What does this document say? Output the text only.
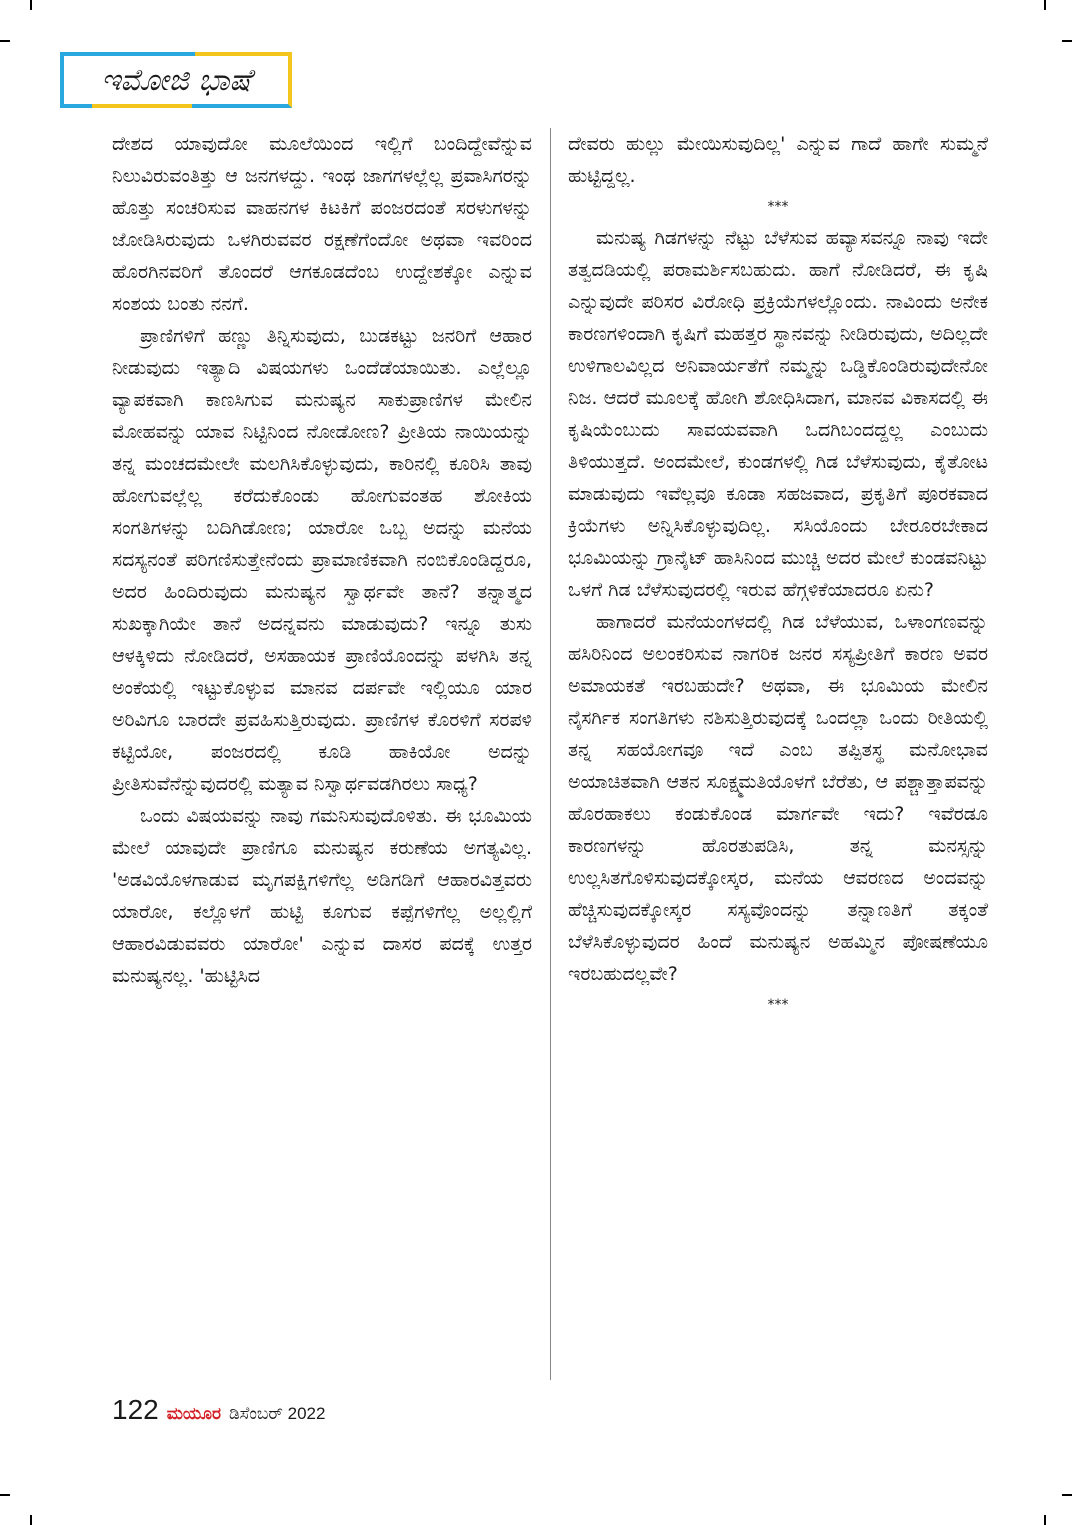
ಇಮೋಜಿ ಭಾಷೆ

ದೇಶದ ಯಾವುದೋ ಮೂಲೆಯಿಂದ ಇಲ್ಲಿಗೆ ಬಂದಿದ್ದೇವೆನ್ನುವ ನಿಲುವಿರುವಂತಿತ್ತು ಆ ಜನಗಳದ್ದು. ಇಂಥ ಜಾಗಗಳಲ್ಲೆಲ್ಲ ಪ್ರವಾಸಿಗರನ್ನು ಹೊತ್ತು ಸಂಚರಿಸುವ ವಾಹನಗಳ ಕಿಟಕಿಗೆ ಪಂಜರದಂತೆ ಸರಳುಗಳನ್ನು ಜೋಡಿಸಿರುವುದು ಒಳಗಿರುವವರ ರಕ್ಷಣೆಗೆಂದೋ ಅಥವಾ ಇವರಿಂದ ಹೊರಗಿನವರಿಗೆ ತೊಂದರೆ ಆಗಕೂಡದೆಂಬ ಉದ್ದೇಶಕ್ಕೋ ಎನ್ನುವ ಸಂಶಯ ಬಂತು ನನಗೆ.

ಪ್ರಾಣಿಗಳಿಗೆ ಹಣ್ಣು ತಿನ್ನಿಸುವುದು, ಬುಡಕಟ್ಟು ಜನರಿಗೆ ಆಹಾರ ನೀಡುವುದು ಇತ್ಯಾದಿ ವಿಷಯಗಳು ಒಂದೆಡೆಯಾಯಿತು. ಎಲ್ಲೆಲ್ಲೂ ವ್ಯಾಪಕವಾಗಿ ಕಾಣಸಿಗುವ ಮನುಷ್ಯನ ಸಾಕುಪ್ರಾಣಿಗಳ ಮೇಲಿನ ಮೋಹವನ್ನು ಯಾವ ನಿಟ್ಟಿನಿಂದ ನೋಡೋಣ? ಪ್ರೀತಿಯ ನಾಯಿಯನ್ನು ತನ್ನ ಮಂಚದಮೇಲೇ ಮಲಗಿಸಿಕೊಳ್ಳುವುದು, ಕಾರಿನಲ್ಲಿ ಕೂರಿಸಿ ತಾವು ಹೋಗುವಲ್ಲೆಲ್ಲ ಕರೆದುಕೊಂಡು ಹೋಗುವಂತಹ ಶೋಕಿಯ ಸಂಗತಿಗಳನ್ನು ಬದಿಗಿಡೋಣ; ಯಾರೋ ಒಬ್ಬ ಅದನ್ನು ಮನೆಯ ಸದಸ್ಯನಂತೆ ಪರಿಗಣಿಸುತ್ತೇನೆಂದು ಪ್ರಾಮಾಣಿಕವಾಗಿ ನಂಬಿಕೊಂಡಿದ್ದರೂ, ಅದರ ಹಿಂದಿರುವುದು ಮನುಷ್ಯನ ಸ್ವಾರ್ಥವೇ ತಾನೆ? ತನ್ನಾತ್ಮದ ಸುಖಕ್ಕಾಗಿಯೇ ತಾನೆ ಅದನ್ನವನು ಮಾಡುವುದು? ಇನ್ನೂ ತುಸು ಆಳಕ್ಕಿಳಿದು ನೋಡಿದರೆ, ಅಸಹಾಯಕ ಪ್ರಾಣಿಯೊಂದನ್ನು ಪಳಗಿಸಿ ತನ್ನ ಅಂಕೆಯಲ್ಲಿ ಇಟ್ಟುಕೊಳ್ಳುವ ಮಾನವ ದರ್ಪವೇ ಇಲ್ಲಿಯೂ ಯಾರ ಅರಿವಿಗೂ ಬಾರದೇ ಪ್ರವಹಿಸುತ್ತಿರುವುದು. ಪ್ರಾಣಿಗಳ ಕೊರಳಿಗೆ ಸರಪಳಿ ಕಟ್ಟಿಯೋ, ಪಂಜರದಲ್ಲಿ ಕೂಡಿ ಹಾಕಿಯೋ ಅದನ್ನು ಪ್ರೀತಿಸುವೆನೆನ್ನುವುದರಲ್ಲಿ ಮತ್ಯಾವ ನಿಸ್ವಾರ್ಥವಡಗಿರಲು ಸಾಧ್ಯ?

ಒಂದು ವಿಷಯವನ್ನು ನಾವು ಗಮನಿಸುವುದೊಳಿತು. ಈ ಭೂಮಿಯ ಮೇಲೆ ಯಾವುದೇ ಪ್ರಾಣಿಗೂ ಮನುಷ್ಯನ ಕರುಣೆಯ ಅಗತ್ಯವಿಲ್ಲ. 'ಅಡವಿಯೊಳಗಾಡುವ ಮೃಗಪಕ್ಷಿಗಳಿಗೆಲ್ಲ ಅಡಿಗಡಿಗೆ ಆಹಾರವಿತ್ತವರು ಯಾರೋ, ಕಲ್ಲೊಳಗೆ ಹುಟ್ಟಿ ಕೂಗುವ ಕಪ್ಪೆಗಳಿಗೆಲ್ಲ ಅಲ್ಲಲ್ಲಿಗೆ ಆಹಾರವಿಡುವವರು ಯಾರೋ' ಎನ್ನುವ ದಾಸರ ಪದಕ್ಕೆ ಉತ್ತರ ಮನುಷ್ಯನಲ್ಲ. 'ಹುಟ್ಟಿಸಿದ

ದೇವರು ಹುಲ್ಲು ಮೇಯಿಸುವುದಿಲ್ಲ' ಎನ್ನುವ ಗಾದೆ ಹಾಗೇ ಸುಮ್ಮನೆ ಹುಟ್ಟಿದ್ದಲ್ಲ.

***

ಮನುಷ್ಯ ಗಿಡಗಳನ್ನು ನೆಟ್ಟು ಬೆಳೆಸುವ ಹವ್ಯಾಸವನ್ನೂ ನಾವು ಇದೇ ತತ್ವದಡಿಯಲ್ಲಿ ಪರಾಮರ್ಶಿಸಬಹುದು. ಹಾಗೆ ನೋಡಿದರೆ, ಈ ಕೃಷಿ ಎನ್ನುವುದೇ ಪರಿಸರ ವಿರೋಧಿ ಪ್ರಕ್ರಿಯೆಗಳಲ್ಲೊಂದು. ನಾವಿಂದು ಅನೇಕ ಕಾರಣಗಳಿಂದಾಗಿ ಕೃಷಿಗೆ ಮಹತ್ತರ ಸ್ಥಾನವನ್ನು ನೀಡಿರುವುದು, ಅದಿಲ್ಲದೇ ಉಳಿಗಾಲವಿಲ್ಲದ ಅನಿವಾರ್ಯತೆಗೆ ನಮ್ಮನ್ನು ಒಡ್ಡಿಕೊಂಡಿರುವುದೇನೋ ನಿಜ. ಆದರೆ ಮೂಲಕ್ಕೆ ಹೋಗಿ ಶೋಧಿಸಿದಾಗ, ಮಾನವ ವಿಕಾಸದಲ್ಲಿ ಈ ಕೃಷಿಯೆಂಬುದು ಸಾವಯವವಾಗಿ ಒದಗಿಬಂದದ್ದಲ್ಲ ಎಂಬುದು ತಿಳಿಯುತ್ತದೆ. ಅಂದಮೇಲೆ, ಕುಂಡಗಳಲ್ಲಿ ಗಿಡ ಬೆಳೆಸುವುದು, ಕೈತೋಟ ಮಾಡುವುದು ಇವೆಲ್ಲವೂ ಕೂಡಾ ಸಹಜವಾದ, ಪ್ರಕೃತಿಗೆ ಪೂರಕವಾದ ಕ್ರಿಯೆಗಳು ಅನ್ನಿಸಿಕೊಳ್ಳುವುದಿಲ್ಲ. ಸಸಿಯೊಂದು ಬೇರೂರಬೇಕಾದ ಭೂಮಿಯನ್ನು ಗ್ರಾನೈಟ್ ಹಾಸಿನಿಂದ ಮುಚ್ಚಿ ಅದರ ಮೇಲೆ ಕುಂಡವನಿಟ್ಟು ಒಳಗೆ ಗಿಡ ಬೆಳೆಸುವುದರಲ್ಲಿ ಇರುವ ಹೆಗ್ಗಳಿಕೆಯಾದರೂ ಏನು?

ಹಾಗಾದರೆ ಮನೆಯಂಗಳದಲ್ಲಿ ಗಿಡ ಬೆಳೆಯುವ, ಒಳಾಂಗಣವನ್ನು ಹಸಿರಿನಿಂದ ಅಲಂಕರಿಸುವ ನಾಗರಿಕ ಜನರ ಸಸ್ಯಪ್ರೀತಿಗೆ ಕಾರಣ ಅವರ ಅಮಾಯಕತೆ ಇರಬಹುದೇ? ಅಥವಾ, ಈ ಭೂಮಿಯ ಮೇಲಿನ ನೈಸರ್ಗಿಕ ಸಂಗತಿಗಳು ನಶಿಸುತ್ತಿರುವುದಕ್ಕೆ ಒಂದಲ್ಲಾ ಒಂದು ರೀತಿಯಲ್ಲಿ ತನ್ನ ಸಹಯೋಗವೂ ಇದೆ ಎಂಬ ತಪ್ಪಿತಸ್ಥ ಮನೋಭಾವ ಅಯಾಚಿತವಾಗಿ ಆತನ ಸೂಕ್ಷ್ಮಮತಿಯೊಳಗೆ ಬೆರೆತು, ಆ ಪಶ್ಚಾತ್ತಾಪವನ್ನು ಹೊರಹಾಕಲು ಕಂಡುಕೊಂಡ ಮಾರ್ಗವೇ ಇದು? ಇವೆರಡೂ ಕಾರಣಗಳನ್ನು ಹೊರತುಪಡಿಸಿ, ತನ್ನ ಮನಸ್ಸನ್ನು ಉಲ್ಲಸಿತಗೊಳಿಸುವುದಕ್ಕೋಸ್ಕರ, ಮನೆಯ ಆವರಣದ ಅಂದವನ್ನು ಹೆಚ್ಚಿಸುವುದಕ್ಕೋಸ್ಕರ ಸಸ್ಯವೊಂದನ್ನು ತನ್ನಾಣತಿಗೆ ತಕ್ಕಂತೆ ಬೆಳೆಸಿಕೊಳ್ಳುವುದರ ಹಿಂದೆ ಮನುಷ್ಯನ ಅಹಮ್ಮಿನ ಪೋಷಣೆಯೂ ಇರಬಹುದಲ್ಲವೇ?

***

122 ಮಯೂರ ಡಿಸೆಂಬರ್ 2022
